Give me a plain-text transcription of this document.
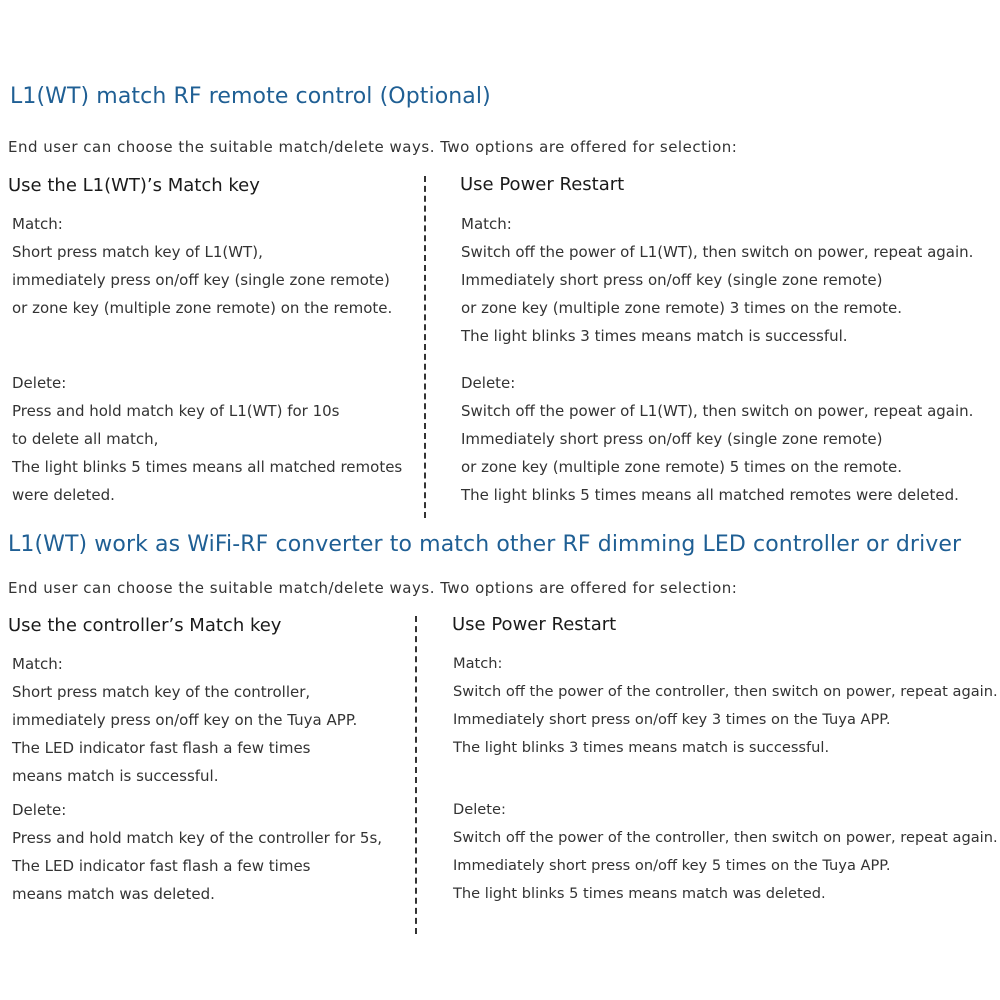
L1(WT) match RF remote control (Optional)
End user can choose the suitable match/delete ways. Two options are offered for selection:
Use the L1(WT)’s Match key	Use Power Restart
Match:
Short press match key of L1(WT),
immediately press on/off key (single zone remote)
or zone key (multiple zone remote) on the remote.
Delete:
Press and hold match key of L1(WT) for 10s
to delete all match,
The light blinks 5 times means all matched remotes
were deleted.
Match:
Switch off the power of L1(WT), then switch on power, repeat again.
Immediately short press on/off key (single zone remote)
or zone key (multiple zone remote) 3 times on the remote.
The light blinks 3 times means match is successful.
Delete:
Switch off the power of L1(WT), then switch on power, repeat again.
Immediately short press on/off key (single zone remote)
or zone key (multiple zone remote) 5 times on the remote.
The light blinks 5 times means all matched remotes were deleted.
L1(WT) work as WiFi-RF converter to match other RF dimming LED controller or driver
End user can choose the suitable match/delete ways. Two options are offered for selection:
Use the controller’s Match key	Use Power Restart
Match:
Short press match key of the controller,
immediately press on/off key on the Tuya APP.
The LED indicator fast flash a few times
means match is successful.
Delete:
Press and hold match key of the controller for 5s,
The LED indicator fast flash a few times
means match was deleted.
Match:
Switch off the power of the controller, then switch on power, repeat again.
Immediately short press on/off key 3 times on the Tuya APP.
The light blinks 3 times means match is successful.
Delete:
Switch off the power of the controller, then switch on power, repeat again.
Immediately short press on/off key 5 times on the Tuya APP.
The light blinks 5 times means match was deleted.
